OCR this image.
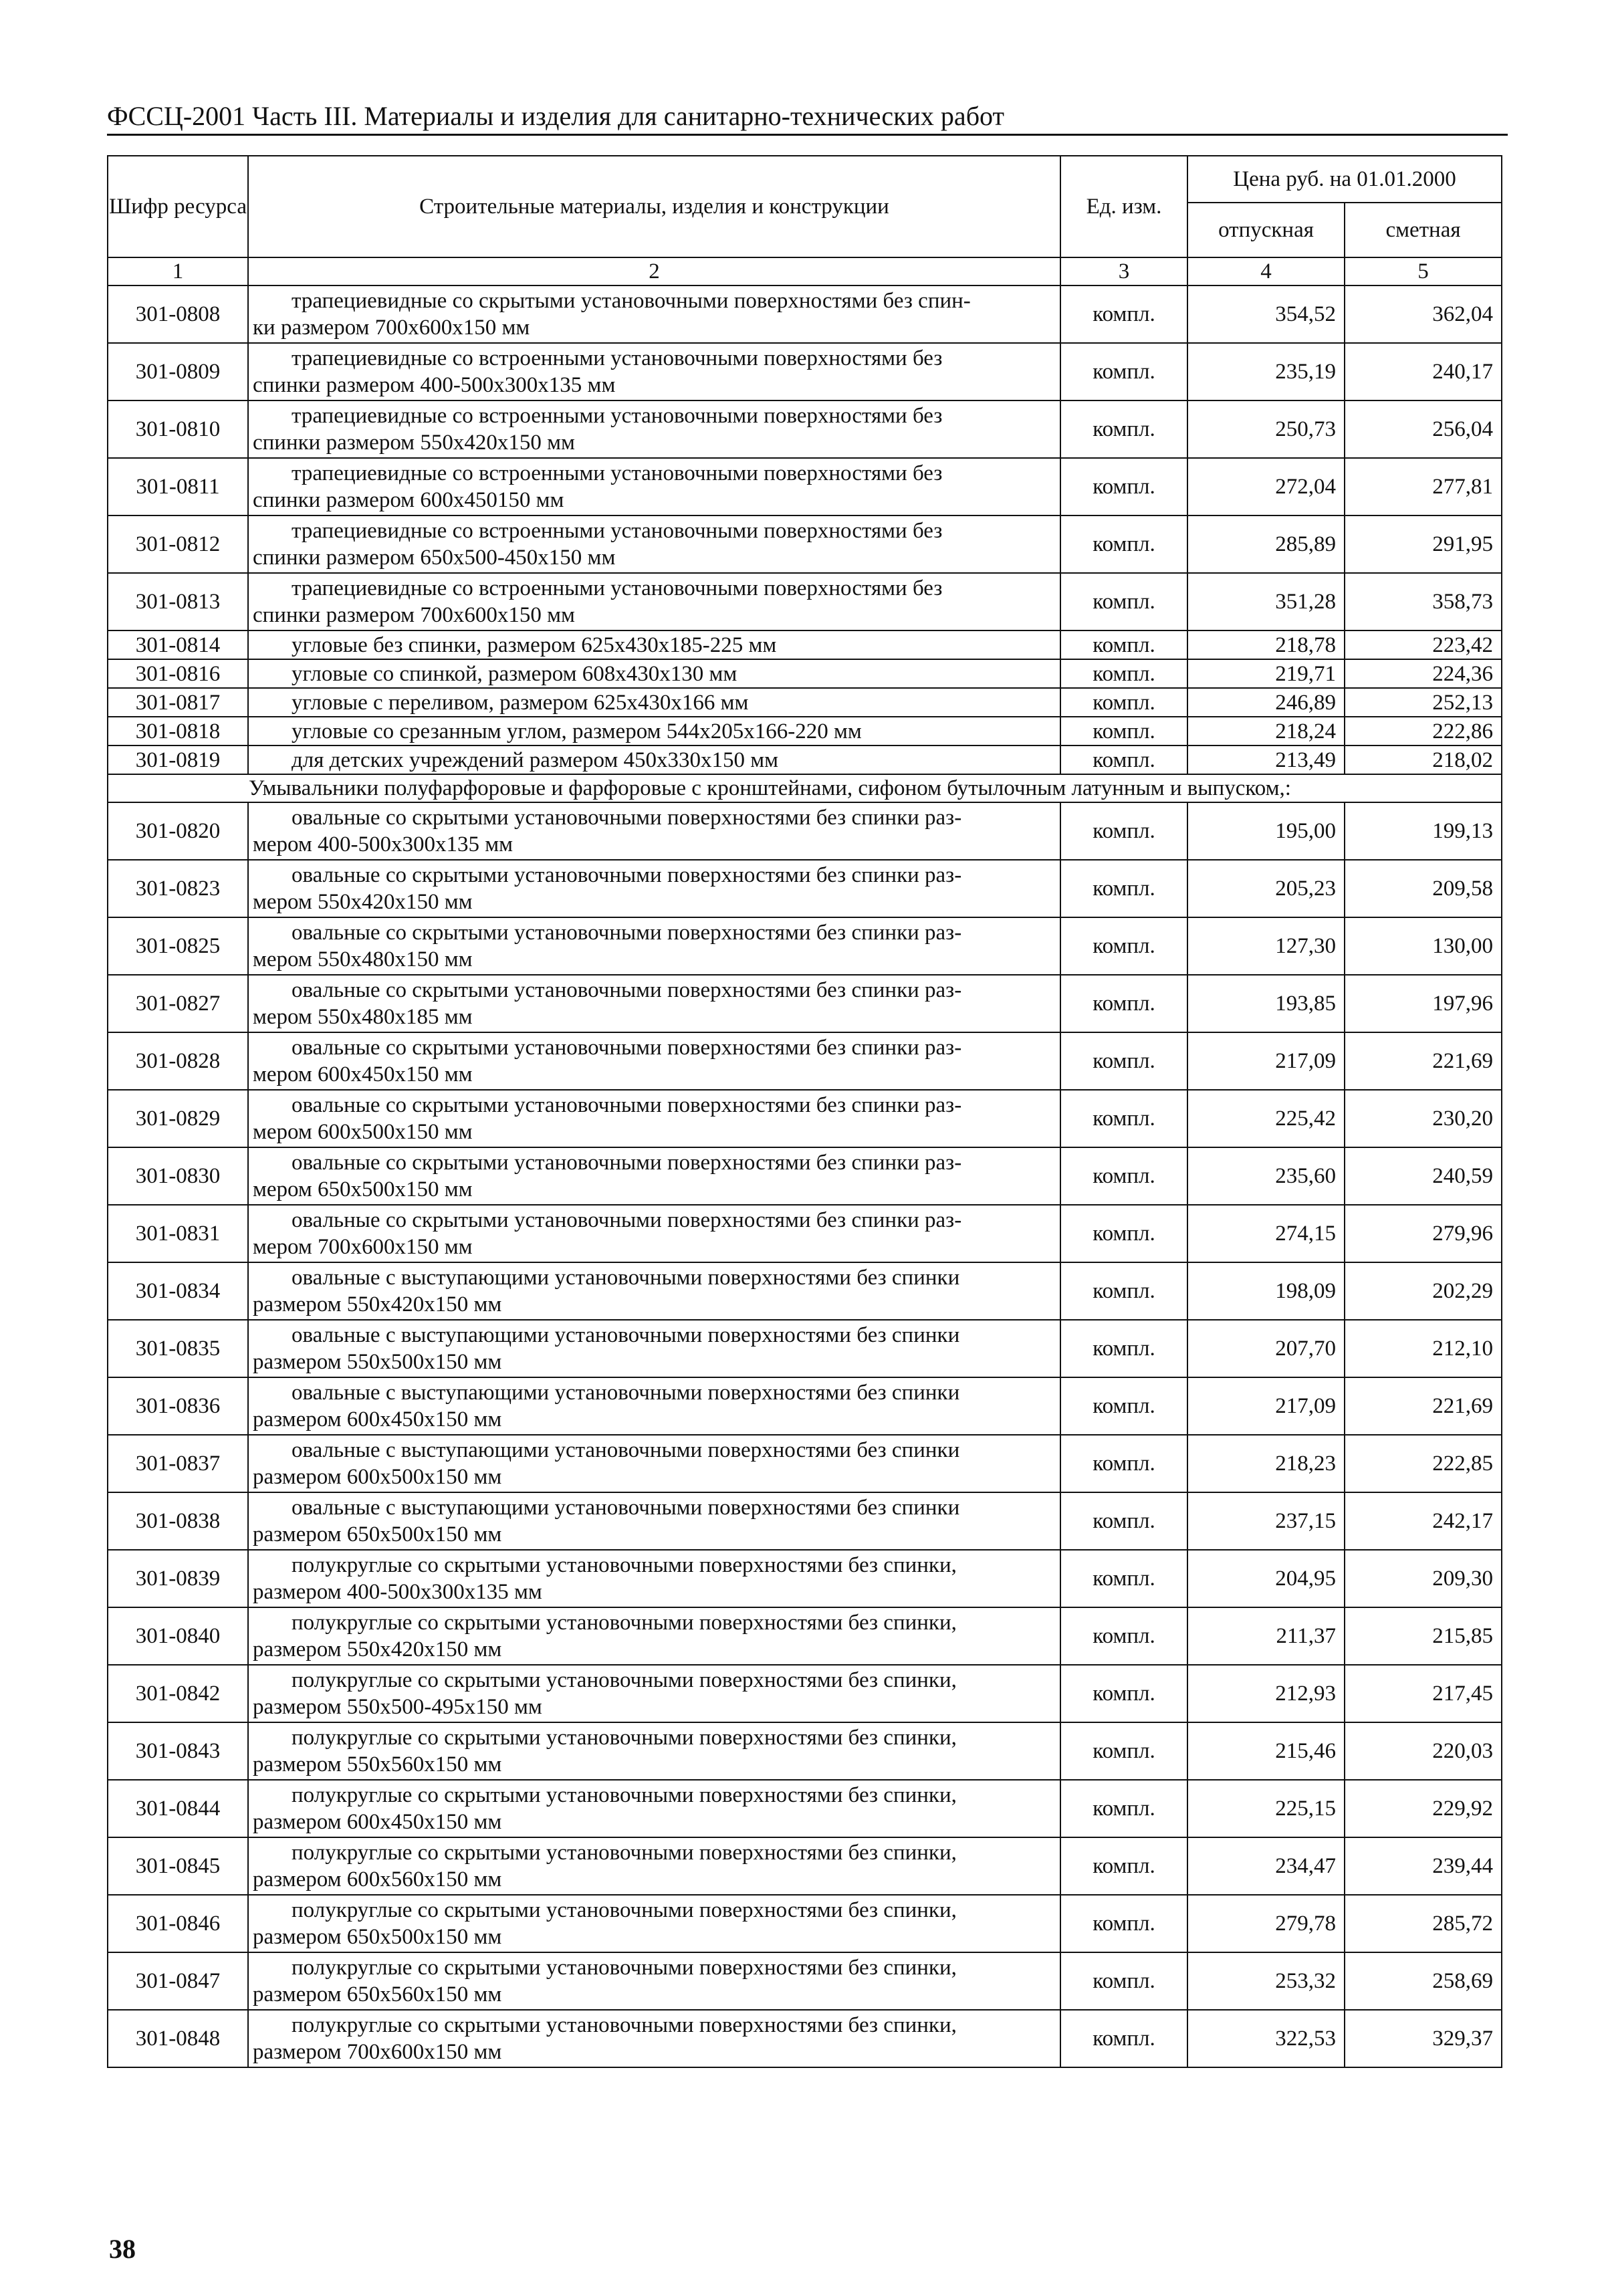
ФССЦ-2001 Часть III. Материалы и изделия для санитарно-технических работ
Шифр ресурса	Строительные материалы, изделия и конструкции	Ед. изм.	Цена руб. на 01.01.2000	
			отпускная	сметная
1	2	3	4	5
301-0808	трапециевидные со скрытыми установочными поверхностями без спин-
ки размером 700x600x150 мм	компл.	354,52	362,04
301-0809	трапециевидные со встроенными установочными поверхностями без
спинки размером 400-500x300x135 мм	компл.	235,19	240,17
301-0810	трапециевидные со встроенными установочными поверхностями без
спинки размером 550x420x150 мм	компл.	250,73	256,04
301-0811	трапециевидные со встроенными установочными поверхностями без
спинки размером 600x450150 мм	компл.	272,04	277,81
301-0812	трапециевидные со встроенными установочными поверхностями без
спинки размером 650x500-450x150 мм	компл.	285,89	291,95
301-0813	трапециевидные со встроенными установочными поверхностями без
спинки размером 700x600x150 мм	компл.	351,28	358,73
301-0814	угловые без спинки, размером 625x430x185-225 мм	компл.	218,78	223,42
301-0816	угловые со спинкой, размером 608x430x130 мм	компл.	219,71	224,36
301-0817	угловые с переливом, размером 625x430x166 мм	компл.	246,89	252,13
301-0818	угловые со срезанным углом, размером 544x205x166-220 мм	компл.	218,24	222,86
301-0819	для детских учреждений размером 450x330x150 мм	компл.	213,49	218,02
Умывальники полуфарфоровые и фарфоровые с кронштейнами, сифоном бутылочным латунным и выпуском,:				
301-0820	овальные со скрытыми установочными поверхностями без спинки раз-
мером 400-500x300x135 мм	компл.	195,00	199,13
301-0823	овальные со скрытыми установочными поверхностями без спинки раз-
мером 550x420x150 мм	компл.	205,23	209,58
301-0825	овальные со скрытыми установочными поверхностями без спинки раз-
мером 550x480x150 мм	компл.	127,30	130,00
301-0827	овальные со скрытыми установочными поверхностями без спинки раз-
мером 550x480x185 мм	компл.	193,85	197,96
301-0828	овальные со скрытыми установочными поверхностями без спинки раз-
мером 600x450x150 мм	компл.	217,09	221,69
301-0829	овальные со скрытыми установочными поверхностями без спинки раз-
мером 600x500x150 мм	компл.	225,42	230,20
301-0830	овальные со скрытыми установочными поверхностями без спинки раз-
мером 650x500x150 мм	компл.	235,60	240,59
301-0831	овальные со скрытыми установочными поверхностями без спинки раз-
мером 700x600x150 мм	компл.	274,15	279,96
301-0834	овальные с выступающими установочными поверхностями без спинки
размером 550x420x150 мм	компл.	198,09	202,29
301-0835	овальные с выступающими установочными поверхностями без спинки
размером 550x500x150 мм	компл.	207,70	212,10
301-0836	овальные с выступающими установочными поверхностями без спинки
размером 600x450x150 мм	компл.	217,09	221,69
301-0837	овальные с выступающими установочными поверхностями без спинки
размером 600x500x150 мм	компл.	218,23	222,85
301-0838	овальные с выступающими установочными поверхностями без спинки
размером 650x500x150 мм	компл.	237,15	242,17
301-0839	полукруглые со скрытыми установочными поверхностями без спинки,
размером 400-500x300x135 мм	компл.	204,95	209,30
301-0840	полукруглые со скрытыми установочными поверхностями без спинки,
размером 550x420x150 мм	компл.	211,37	215,85
301-0842	полукруглые со скрытыми установочными поверхностями без спинки,
размером 550x500-495x150 мм	компл.	212,93	217,45
301-0843	полукруглые со скрытыми установочными поверхностями без спинки,
размером 550x560x150 мм	компл.	215,46	220,03
301-0844	полукруглые со скрытыми установочными поверхностями без спинки,
размером 600x450x150 мм	компл.	225,15	229,92
301-0845	полукруглые со скрытыми установочными поверхностями без спинки,
размером 600x560x150 мм	компл.	234,47	239,44
301-0846	полукруглые со скрытыми установочными поверхностями без спинки,
размером 650x500x150 мм	компл.	279,78	285,72
301-0847	полукруглые со скрытыми установочными поверхностями без спинки,
размером 650x560x150 мм	компл.	253,32	258,69
301-0848	полукруглые со скрытыми установочными поверхностями без спинки,
размером 700x600x150 мм	компл.	322,53	329,37
38
